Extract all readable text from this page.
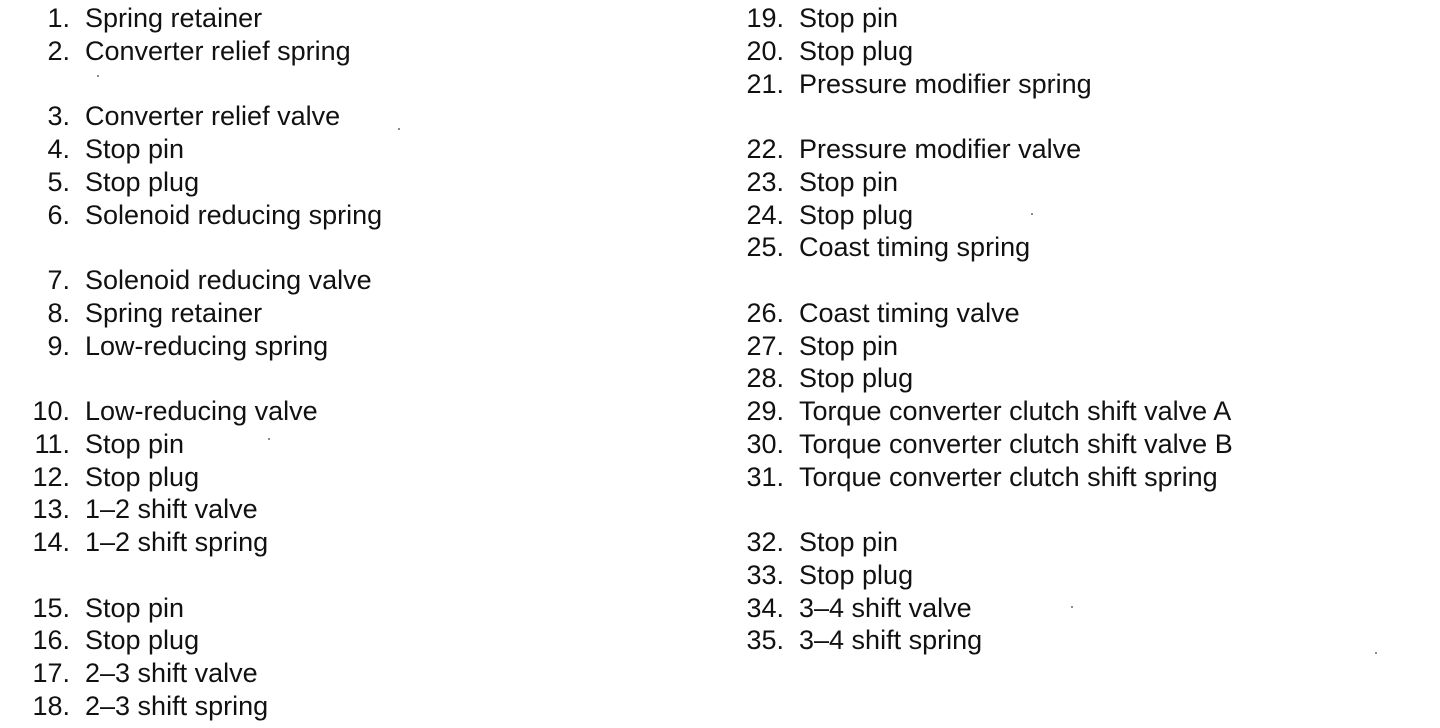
1. Spring retainer
2. Converter relief spring
3. Converter relief valve
4. Stop pin
5. Stop plug
6. Solenoid reducing spring
7. Solenoid reducing valve
8. Spring retainer
9. Low-reducing spring
10. Low-reducing valve
11. Stop pin
12. Stop plug
13. 1–2 shift valve
14. 1–2 shift spring
15. Stop pin
16. Stop plug
17. 2–3 shift valve
18. 2–3 shift spring
19. Stop pin
20. Stop plug
21. Pressure modifier spring
22. Pressure modifier valve
23. Stop pin
24. Stop plug
25. Coast timing spring
26. Coast timing valve
27. Stop pin
28. Stop plug
29. Torque converter clutch shift valve A
30. Torque converter clutch shift valve B
31. Torque converter clutch shift spring
32. Stop pin
33. Stop plug
34. 3–4 shift valve
35. 3–4 shift spring
